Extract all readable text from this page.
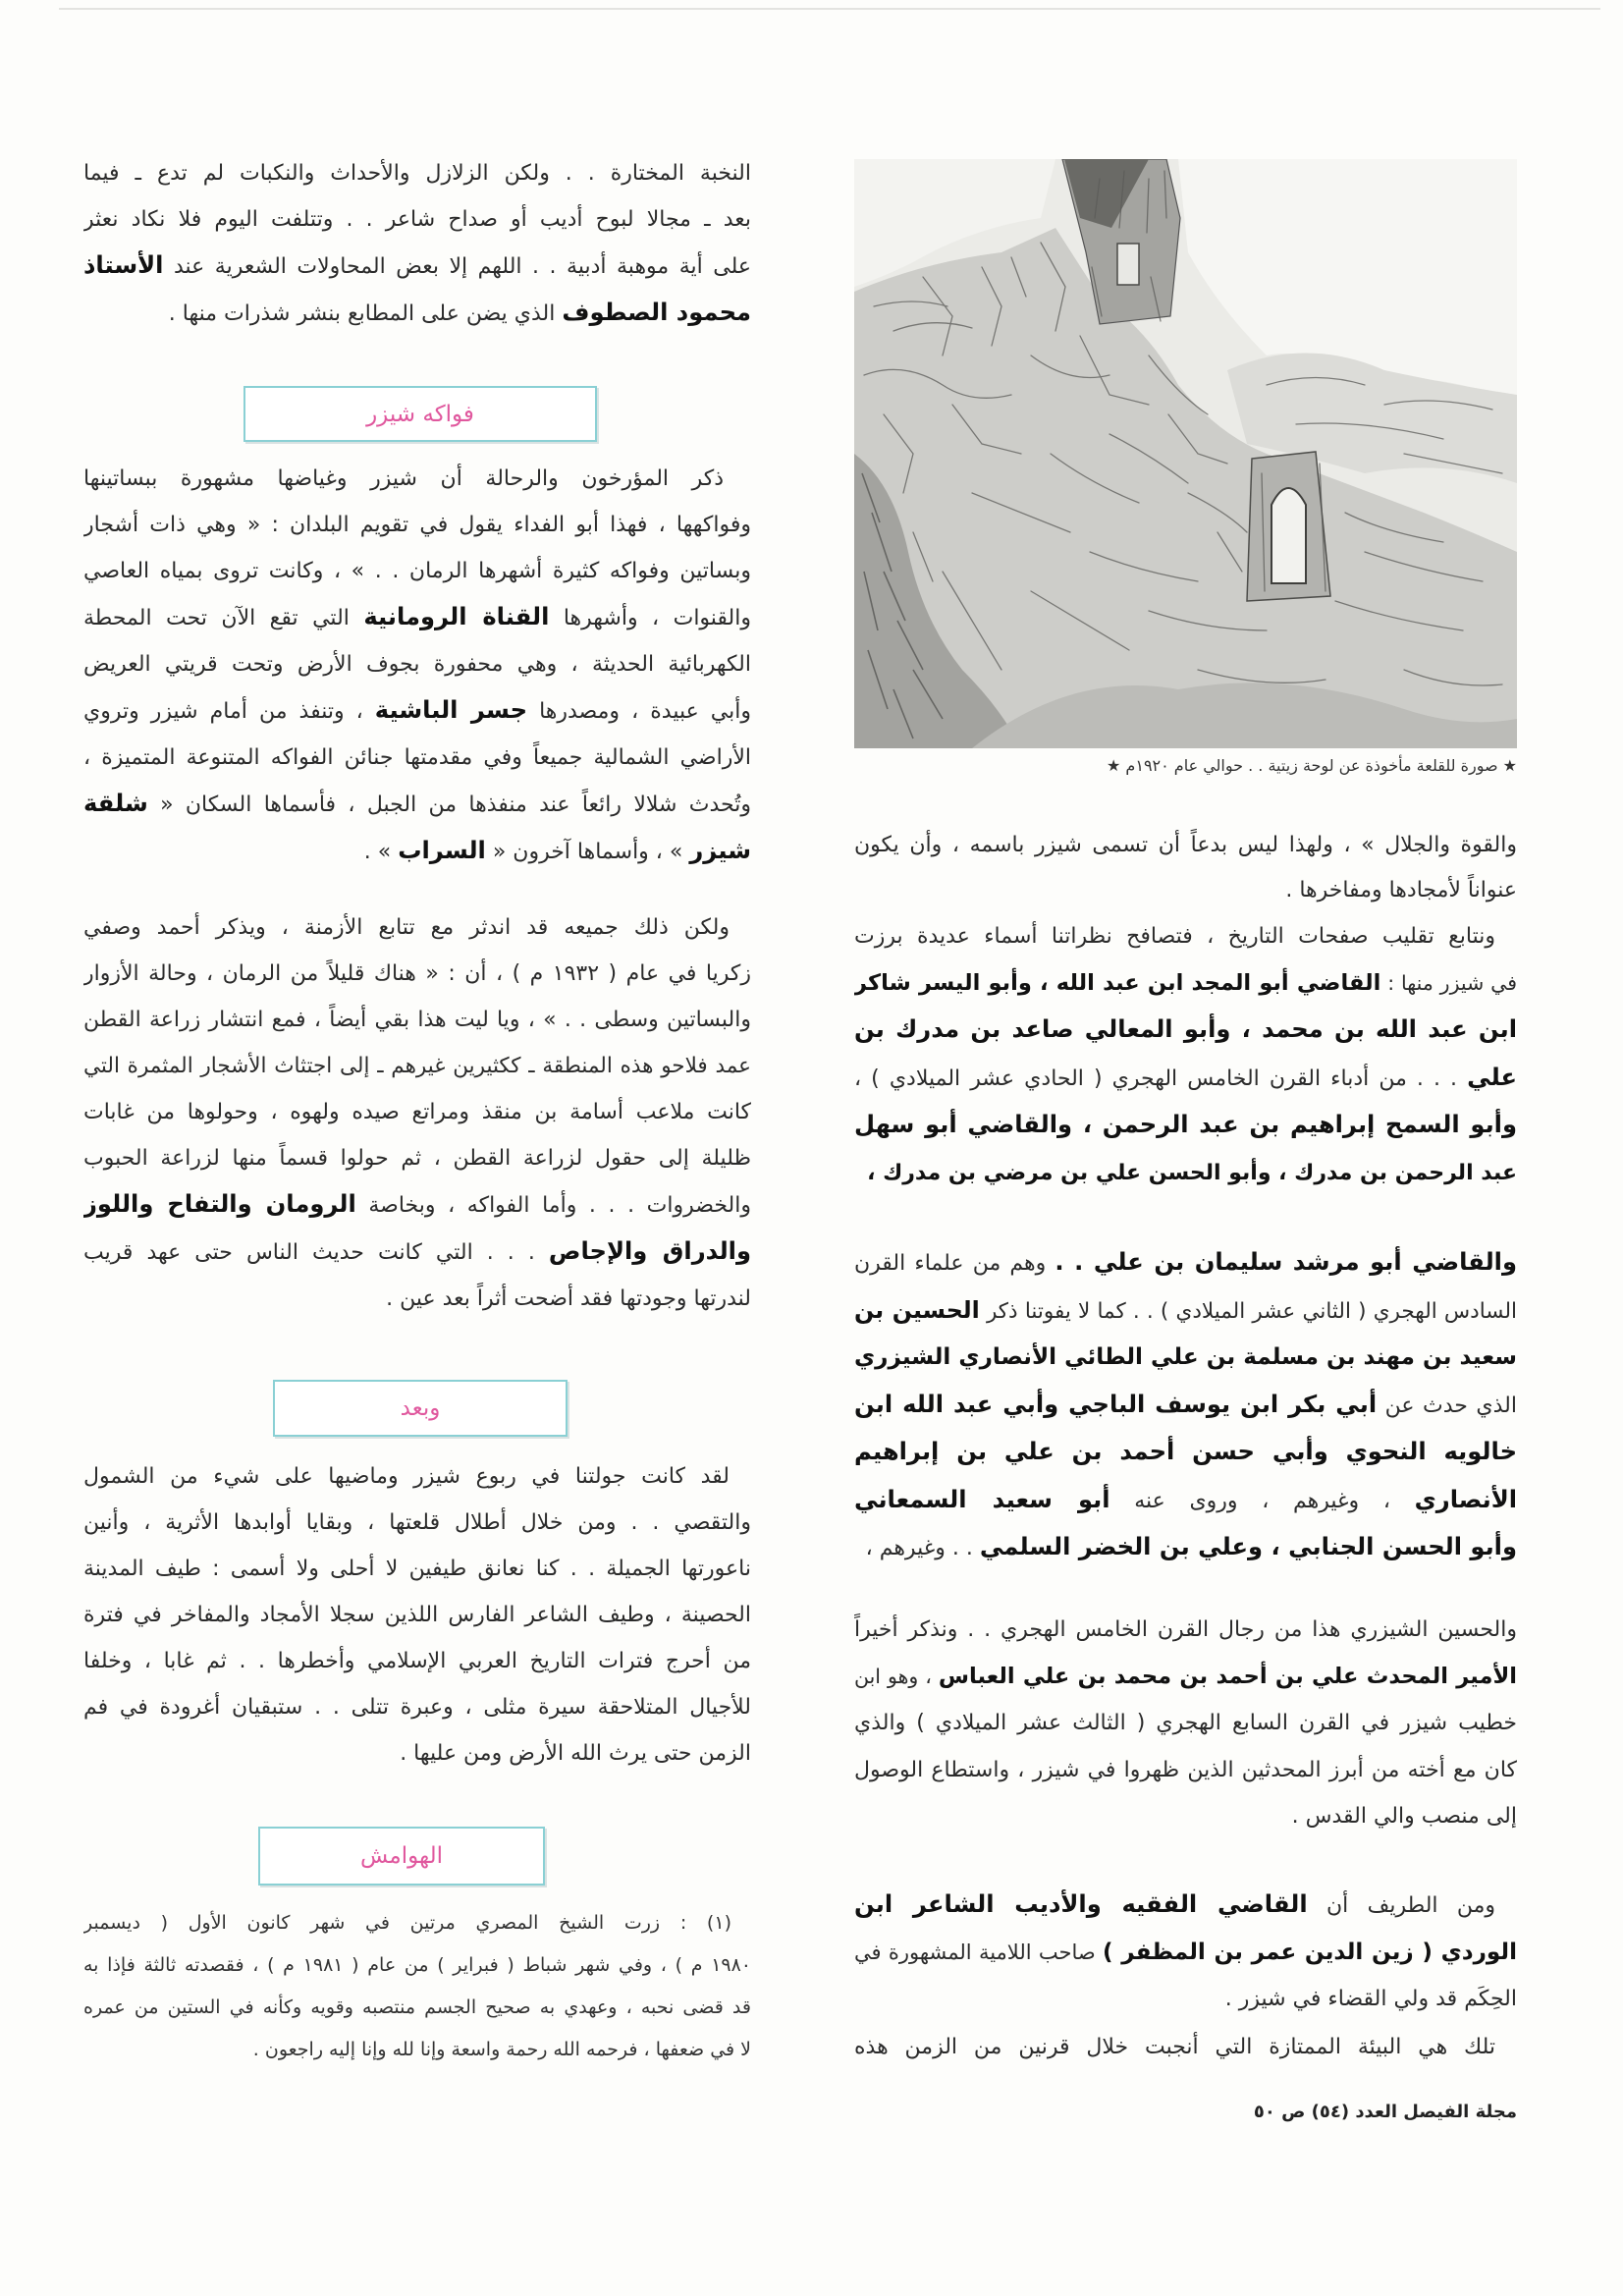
النخبة المختارة . . ولكن الزلازل والأحداث والنكبات لم تدع ـ فيما
بعد ـ مجالا لبوح أديب أو صداح شاعر . . وتتلفت اليوم فلا نكاد نعثر
على أية موهبة أدبية . . اللهم إلا بعض المحاولات الشعرية عند الأستاذ
محمود الصطوف الذي يضن على المطابع بنشر شذرات منها .
فواكه شيزر
ذكر المؤرخون والرحالة أن شيزر وغياضها مشهورة ببساتينها
وفواكهها ، فهذا أبو الفداء يقول في تقويم البلدان : « وهي ذات أشجار
وبساتين وفواكه كثيرة أشهرها الرمان . . » ، وكانت تروى بمياه العاصي
والقنوات ، وأشهرها القناة الرومانية التي تقع الآن تحت المحطة
الكهربائية الحديثة ، وهي محفورة بجوف الأرض وتحت قريتي العريض
وأبي عبيدة ، ومصدرها جسر الباشية ، وتنفذ من أمام شيزر وتروي
الأراضي الشمالية جميعاً وفي مقدمتها جنائن الفواكه المتنوعة المتميزة ،
وتُحدث شلالا رائعاً عند منفذها من الجبل ، فأسماها السكان « شلقة
شيزر » ، وأسماها آخرون « السراب » .
ولكن ذلك جميعه قد اندثر مع تتابع الأزمنة ، ويذكر أحمد وصفي
زكريا في عام ( ١٩٣٢ م ) ، أن : « هناك قليلاً من الرمان ، وحالة الأزوار
والبساتين وسطى . . » ، ويا ليت هذا بقي أيضاً ، فمع انتشار زراعة القطن
عمد فلاحو هذه المنطقة ـ ككثيرين غيرهم ـ إلى اجتثاث الأشجار المثمرة التي
كانت ملاعب أسامة بن منقذ ومراتع صيده ولهوه ، وحولوها من غابات
ظليلة إلى حقول لزراعة القطن ، ثم حولوا قسماً منها لزراعة الحبوب
والخضروات . . . وأما الفواكه ، وبخاصة الرومان والتفاح واللوز
والدراق والإجاص . . . التي كانت حديث الناس حتى عهد قريب
لندرتها وجودتها فقد أضحت أثراً بعد عين .
وبعد
لقد كانت جولتنا في ربوع شيزر وماضيها على شيء من الشمول
والتقصي . . ومن خلال أطلال قلعتها ، وبقايا أوابدها الأثرية ، وأنين
ناعورتها الجميلة . . كنا نعانق طيفين لا أحلى ولا أسمى : طيف المدينة
الحصينة ، وطيف الشاعر الفارس اللذين سجلا الأمجاد والمفاخر في فترة
من أحرج فترات التاريخ العربي الإسلامي وأخطرها . . ثم غابا ، وخلفا
للأجيال المتلاحقة سيرة مثلى ، وعبرة تتلى . . ستبقيان أغرودة في فم
الزمن حتى يرث الله الأرض ومن عليها .
الهوامش
(١) : زرت الشيخ المصري مرتين في شهر كانون الأول ( ديسمبر
١٩٨٠ م ) ، وفي شهر شباط ( فبراير ) من عام ( ١٩٨١ م ) ، فقصدته ثالثة فإذا به
قد قضى نحبه ، وعهدي به صحيح الجسم منتصبه وقويه وكأنه في الستين من عمره
لا في ضعفها ، فرحمه الله رحمة واسعة وإنا لله وإنا إليه راجعون .
★ صورة للقلعة مأخوذة عن لوحة زيتية . . حوالي عام ١٩٢٠م ★
والقوة والجلال » ، ولهذا ليس بدعاً أن تسمى شيزر باسمه ، وأن يكون
عنواناً لأمجادها ومفاخرها .
ونتابع تقليب صفحات التاريخ ، فتصافح نظراتنا أسماء عديدة برزت
في شيزر منها : القاضي أبو المجد ابن عبد الله ، وأبو اليسر شاكر
ابن عبد الله بن محمد ، وأبو المعالي صاعد بن مدرك بن
علي . . . من أدباء القرن الخامس الهجري ( الحادي عشر الميلادي ) ،
وأبو السمح إبراهيم بن عبد الرحمن ، والقاضي أبو سهل
عبد الرحمن بن مدرك ، وأبو الحسن علي بن مرضي بن مدرك ،
والقاضي أبو مرشد سليمان بن علي . . وهم من علماء القرن
السادس الهجري ( الثاني عشر الميلادي ) . . كما لا يفوتنا ذكر الحسين بن
سعيد بن مهند بن مسلمة بن علي الطائي الأنصاري الشيزري
الذي حدث عن أبي بكر ابن يوسف الباجي وأبي عبد الله ابن
خالويه النحوي وأبي حسن أحمد بن علي بن إبراهيم
الأنصاري ، وغيرهم ، وروى عنه أبو سعيد السمعاني
وأبو الحسن الجنابي ، وعلي بن الخضر السلمي . . وغيرهم ،
والحسين الشيزري هذا من رجال القرن الخامس الهجري . . ونذكر أخيراً
الأمير المحدث علي بن أحمد بن محمد بن علي العباس ، وهو ابن
خطيب شيزر في القرن السابع الهجري ( الثالث عشر الميلادي ) والذي
كان مع أخته من أبرز المحدثين الذين ظهروا في شيزر ، واستطاع الوصول
إلى منصب والي القدس .
ومن الطريف أن القاضي الفقيه والأديب الشاعر ابن
الوردي ( زين الدين عمر بن المظفر ) صاحب اللامية المشهورة في
الحِكَم قد ولي القضاء في شيزر .
تلك هي البيئة الممتازة التي أنجبت خلال قرنين من الزمن هذه
مجلة الفيصل العدد (٥٤) ص ٥٠
